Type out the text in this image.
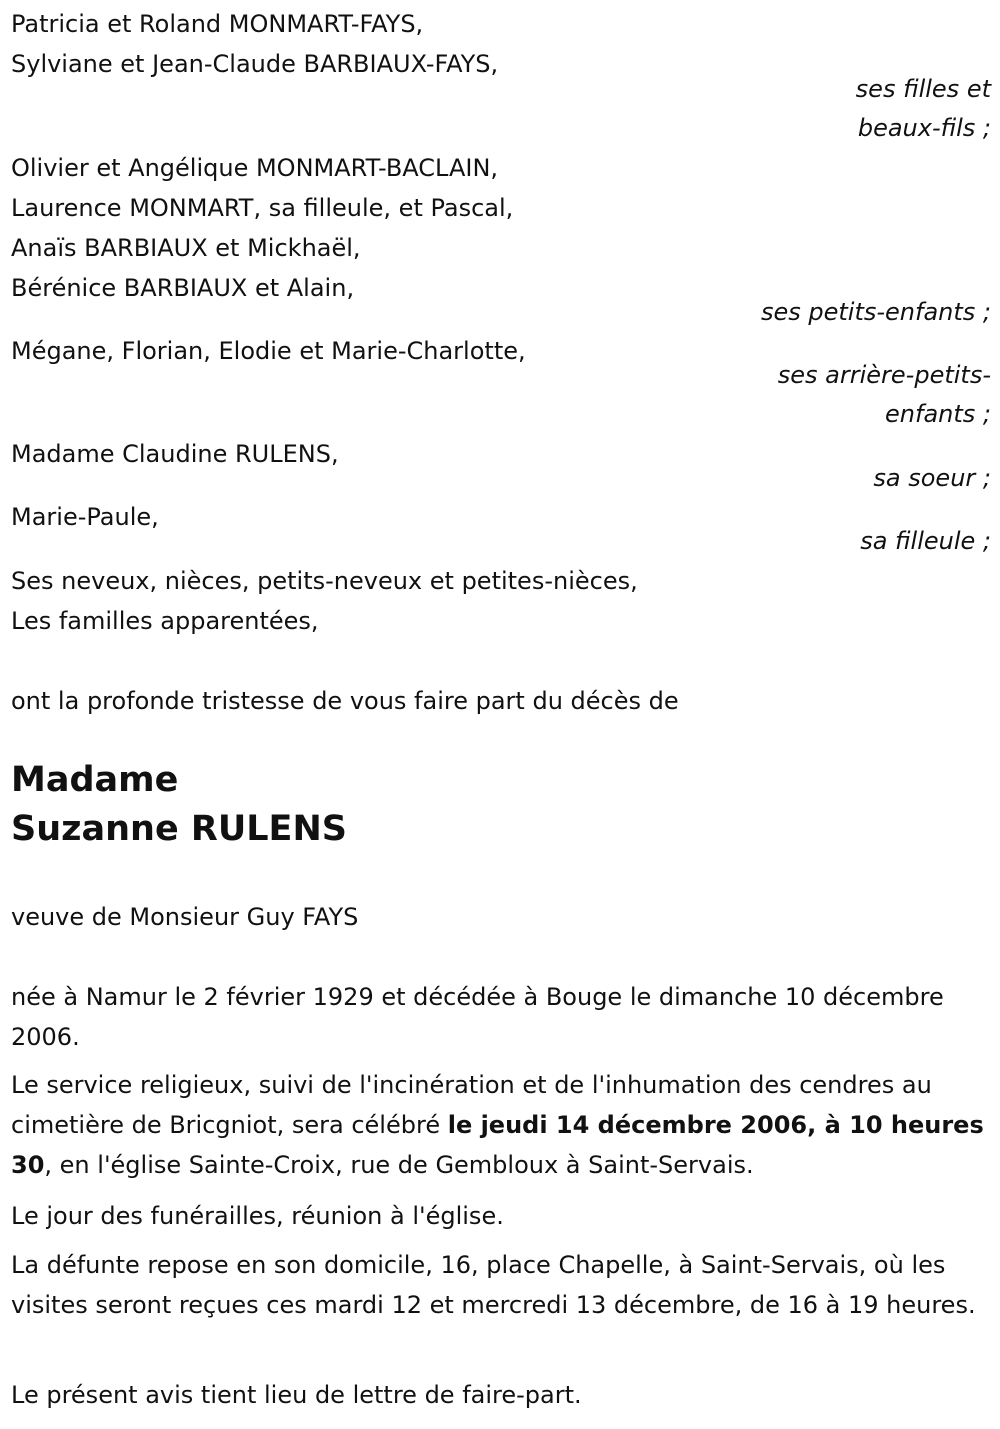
Patricia et Roland MONMART-FAYS,
Sylviane et Jean-Claude BARBIAUX-FAYS,
ses filles et
beaux-fils ;
Olivier et Angélique MONMART-BACLAIN,
Laurence MONMART, sa filleule, et Pascal,
Anaïs BARBIAUX et Mickhaël,
Bérénice BARBIAUX et Alain,
ses petits-enfants ;
Mégane, Florian, Elodie et Marie-Charlotte,
ses arrière-petits-
enfants ;
Madame Claudine RULENS,
sa soeur ;
Marie-Paule,
sa filleule ;
Ses neveux, nièces, petits-neveux et petites-nièces,
Les familles apparentées,
ont la profonde tristesse de vous faire part du décès de
Madame
Suzanne RULENS
veuve de Monsieur Guy FAYS
née à Namur le 2 février 1929 et décédée à Bouge le dimanche 10 décembre 2006.
Le service religieux, suivi de l'incinération et de l'inhumation des cendres au cimetière de Bricgniot, sera célébré le jeudi 14 décembre 2006, à 10 heures 30, en l'église Sainte-Croix, rue de Gembloux à Saint-Servais.
Le jour des funérailles, réunion à l'église.
La défunte repose en son domicile, 16, place Chapelle, à Saint-Servais, où les visites seront reçues ces mardi 12 et mercredi 13 décembre, de 16 à 19 heures.
Le présent avis tient lieu de lettre de faire-part.
